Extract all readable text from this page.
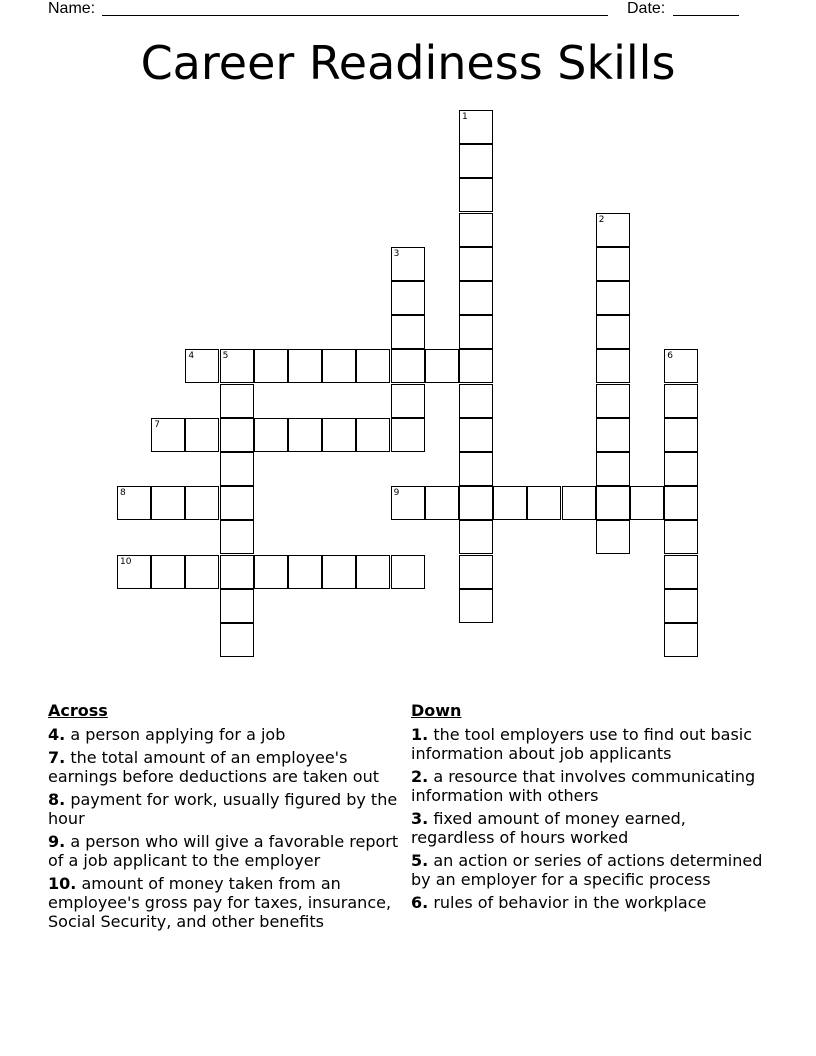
Name:	Date:
Career Readiness Skills
1
2
3
4	5	6
7
8	9
10
Across
4. a person applying for a job
7. the total amount of an employee's earnings before deductions are taken out
8. payment for work, usually figured by the hour
9. a person who will give a favorable report of a job applicant to the employer
10. amount of money taken from an employee's gross pay for taxes, insurance, Social Security, and other benefits
Down
1. the tool employers use to find out basic information about job applicants
2. a resource that involves communicating information with others
3. fixed amount of money earned, regardless of hours worked
5. an action or series of actions determined by an employer for a specific process
6. rules of behavior in the workplace
